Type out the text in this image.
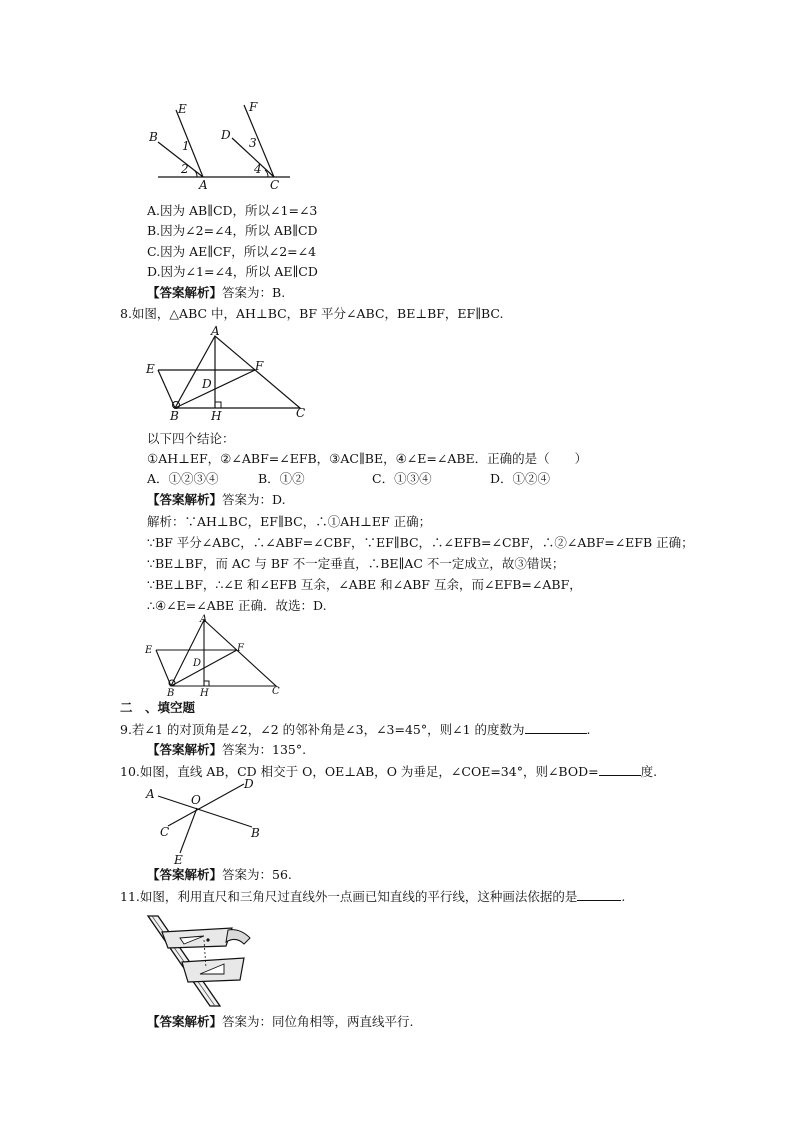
E
B
1
2
A
F
D
3
4
C
A.因为 AB∥CD，所以∠1=∠3
B.因为∠2=∠4，所以 AB∥CD
C.因为 AE∥CF，所以∠2=∠4
D.因为∠1=∠4，所以 AE∥CD
【答案解析】答案为：B.
8.如图，△ABC 中，AH⊥BC，BF 平分∠ABC，BE⊥BF，EF∥BC.
A
E	F
D
B	H	C
以下四个结论：
①AH⊥EF，②∠ABF=∠EFB，③AC∥BE，④∠E=∠ABE．正确的是（　　）
A．①②③④	B．①②	C．①③④	D．①②④
【答案解析】答案为：D.
解析：∵AH⊥BC，EF∥BC，∴①AH⊥EF 正确；
∵BF 平分∠ABC，∴∠ABF=∠CBF，∵EF∥BC，∴∠EFB=∠CBF，∴②∠ABF=∠EFB 正确；
∵BE⊥BF，而 AC 与 BF 不一定垂直，∴BE∥AC 不一定成立，故③错误；
∵BE⊥BF，∴∠E 和∠EFB 互余，∠ABE 和∠ABF 互余，而∠EFB=∠ABF，
∴④∠E=∠ABE 正确．故选：D.
A
E	F
D
B	H	C
二　、填空题
9.若∠1 的对顶角是∠2，∠2 的邻补角是∠3，∠3=45°，则∠1 的度数为	.
【答案解析】答案为：135°.
10.如图，直线 AB，CD 相交于 O，OE⊥AB，O 为垂足，∠COE=34°，则∠BOD=	度.
A
D
O
C	B
E
【答案解析】答案为：56.
11.如图，利用直尺和三角尺过直线外一点画已知直线的平行线，这种画法依据的是	.
【答案解析】答案为：同位角相等，两直线平行.
